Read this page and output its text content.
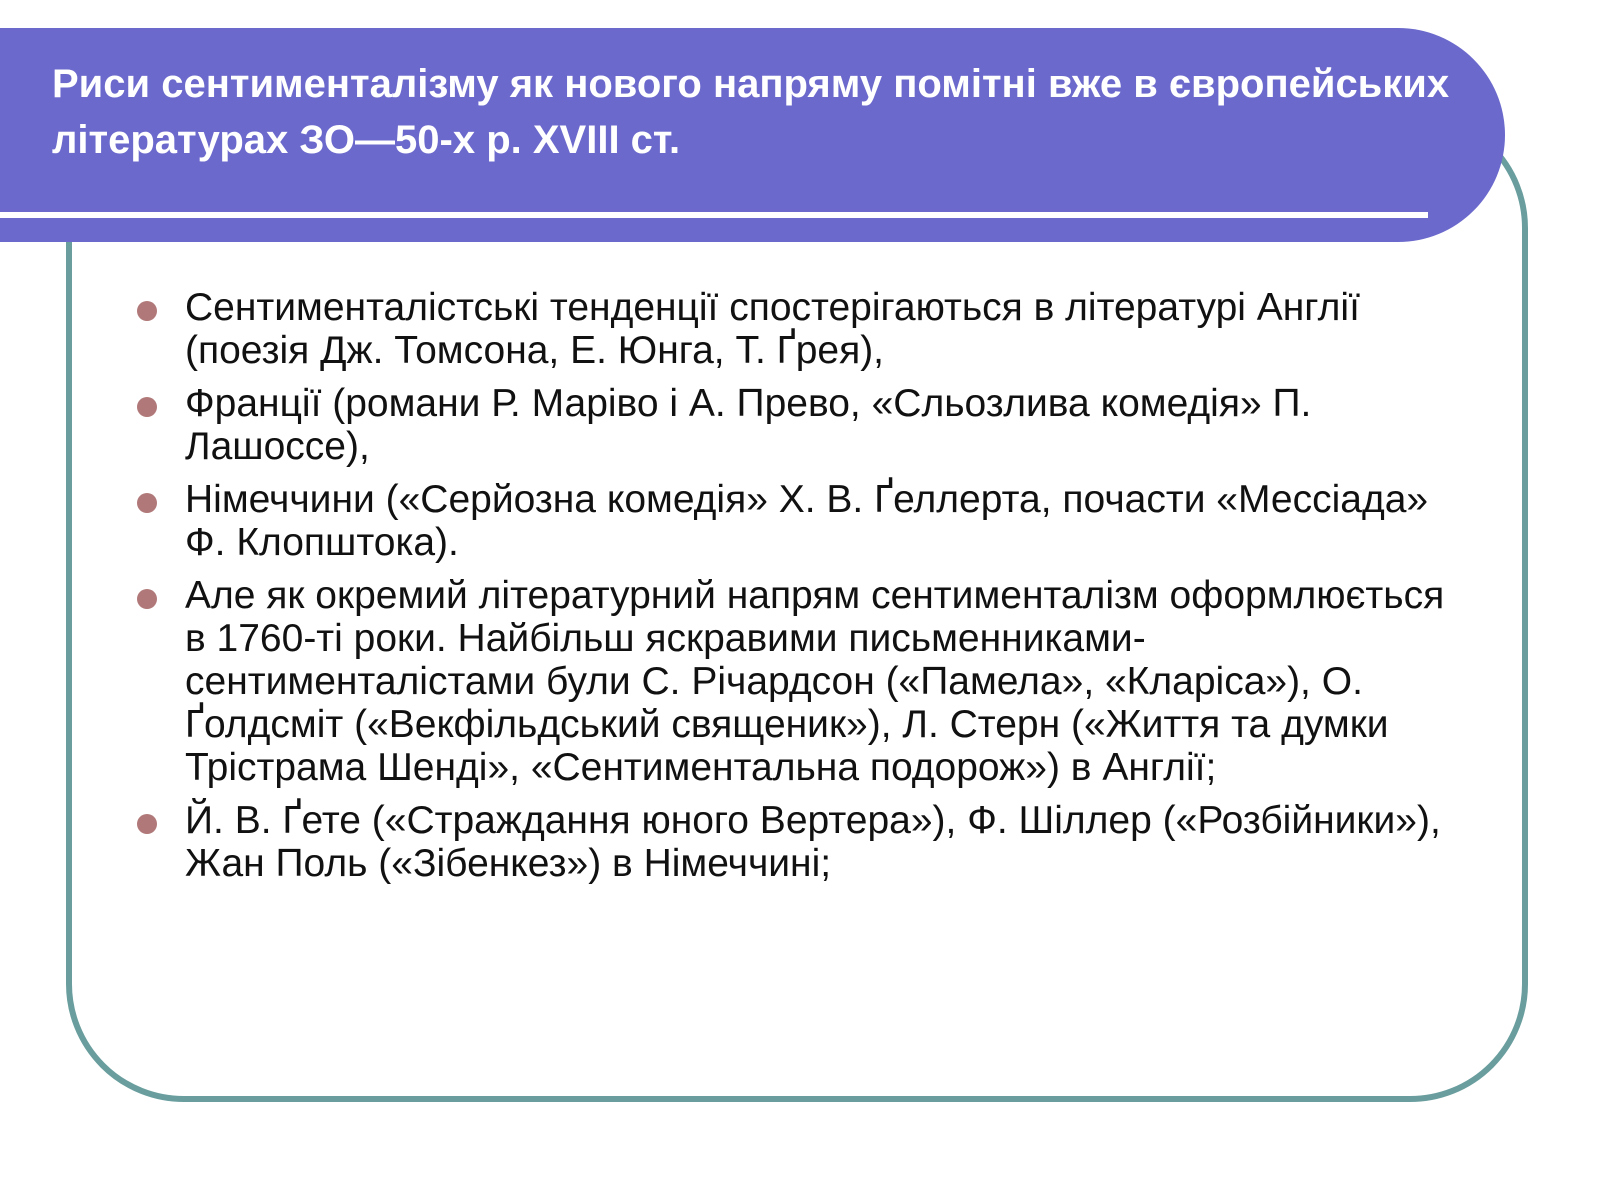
Риси сентименталізму як нового напряму помітні вже в європейських літературах ЗО—50-х р. XVIII ст.
Сентименталістські тенденції спостерігаються в літературі Англії (поезія Дж. Томсона, Е. Юнга, Т. Ґрея),
Франції (романи Р. Маріво і А. Прево, «Сльозлива комедія» П. Лашоссе),
Німеччини («Серйозна комедія» X. В. Ґеллерта, почасти «Мессіада» Ф. Клопштока).
Але як окремий літературний напрям сентименталізм оформлюється в 1760-ті роки. Найбільш яскравими письменниками-сентименталістами були С. Річардсон («Памела», «Кларіса»), О. Ґолдсміт («Векфільдський священик»), Л. Стерн («Життя та думки Трістрама Шенді», «Сентиментальна подорож») в Англії;
Й. В. Ґете («Страждання юного Вертера»), Ф. Шіллер («Розбійники»), Жан Поль («Зібенкез») в Німеччині;
